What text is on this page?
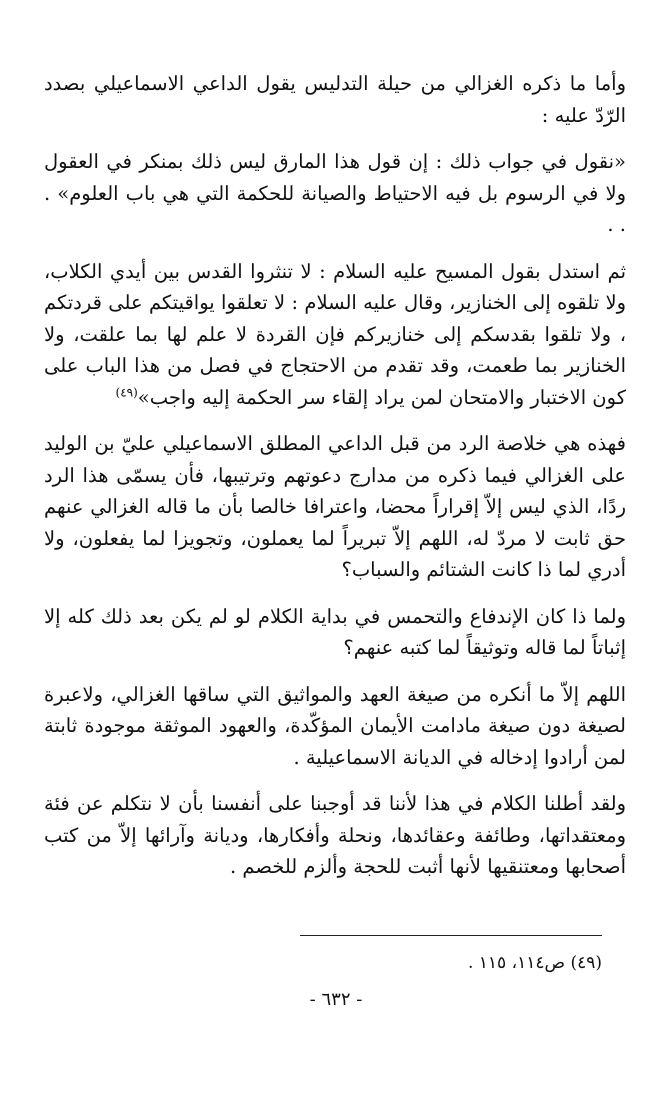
وأما ما ذكره الغزالي من حيلة التدليس يقول الداعي الاسماعيلي بصدد الرّدّ عليه :

«نقول في جواب ذلك : إن قول هذا المارق ليس ذلك بمنكر في العقول ولا في الرسوم بل فيه الاحتياط والصيانة للحكمة التي هي باب العلوم» . . .

ثم استدل بقول المسيح عليه السلام : لا تنثروا القدس بين أيدي الكلاب، ولا تلقوه إلى الخنازير، وقال عليه السلام : لا تعلقوا يواقيتكم على قردتكم ، ولا تلقوا بقدسكم إلى خنازيركم فإن القردة لا علم لها بما علقت، ولا الخنازير بما طعمت، وقد تقدم من الاحتجاج في فصل من هذا الباب على كون الاختبار والامتحان لمن يراد إلقاء سر الحكمة إليه واجب»$^{(٤٩)}$

فهذه هي خلاصة الرد من قبل الداعي المطلق الاسماعيلي عليّ بن الوليد على الغزالي فيما ذكره من مدارج دعوتهم وترتيبها، فأن يسمّى هذا الرد ردًا، الذي ليس إلاّ إقراراً محضا، واعترافا خالصا بأن ما قاله الغزالي عنهم حق ثابت لا مردّ له، اللهم إلاّ تبريراً لما يعملون، وتجويزا لما يفعلون، ولا أدري لما ذا كانت الشتائم والسباب؟

ولما ذا كان الإندفاع والتحمس في بداية الكلام لو لم يكن بعد ذلك كله إلا إثباتاً لما قاله وتوثيقاً لما كتبه عنهم؟

اللهم إلاّ ما أنكره من صيغة العهد والمواثيق التي ساقها الغزالي، ولاعبرة لصيغة دون صيغة مادامت الأيمان المؤكّدة، والعهود الموثقة موجودة ثابتة لمن أرادوا إدخاله في الديانة الاسماعيلية .

ولقد أطلنا الكلام في هذا لأننا قد أوجبنا على أنفسنا بأن لا نتكلم عن فئة ومعتقداتها، وطائفة وعقائدها، ونحلة وأفكارها، وديانة وآرائها إلاّ من كتب أصحابها ومعتنقيها لأنها أثبت للحجة وألزم للخصم .

(٤٩) ص١١٤، ١١٥ .
- ٦٣٢ -
